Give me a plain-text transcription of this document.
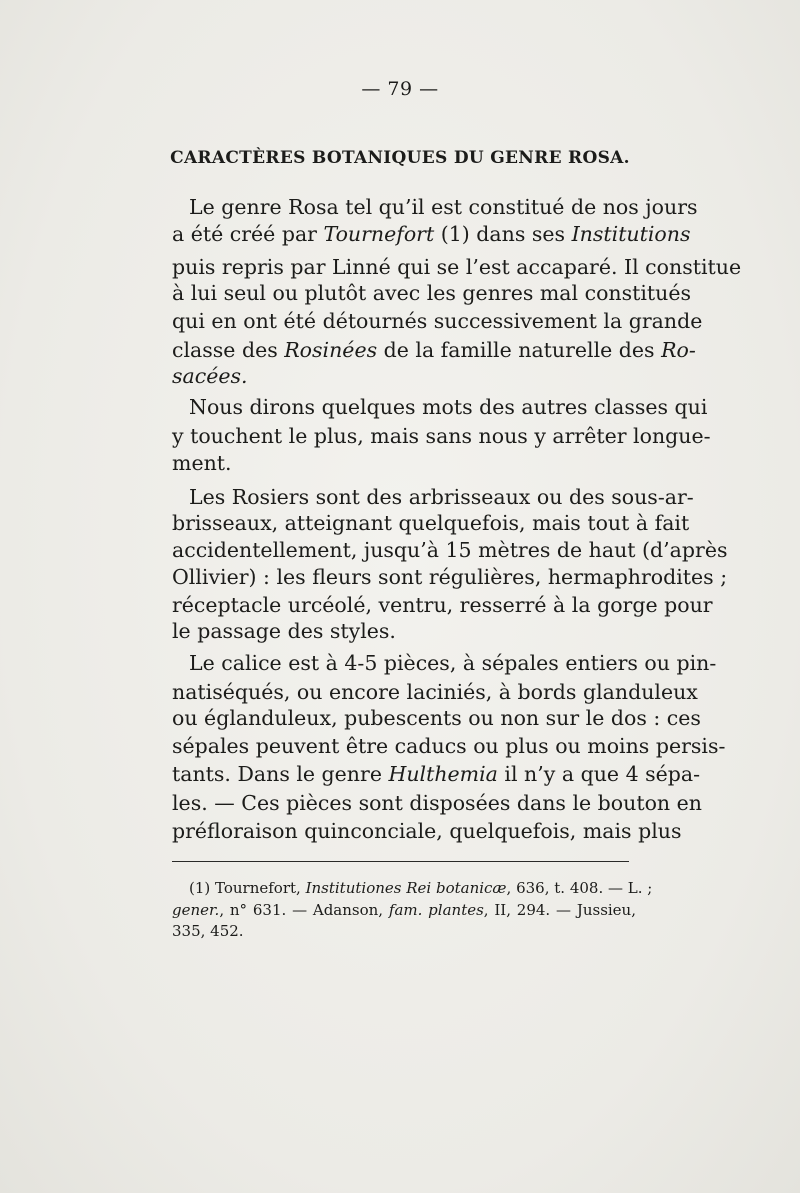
— 79 —
CARACTÈRES BOTANIQUES DU GENRE ROSA.
Le genre Rosa tel qu’il est constitué de nos jours
a été créé par Tournefort (1) dans ses Institutions
puis repris par Linné qui se l’est accaparé. Il constitue
à lui seul ou plutôt avec les genres mal constitués
qui en ont été détournés successivement la grande
classe des Rosinées de la famille naturelle des Ro-
sacées.
Nous dirons quelques mots des autres classes qui
y touchent le plus, mais sans nous y arrêter longue-
ment.
Les Rosiers sont des arbrisseaux ou des sous-ar-
brisseaux, atteignant quelquefois, mais tout à fait
accidentellement, jusqu’à 15 mètres de haut (d’après
Ollivier) : les fleurs sont régulières, hermaphrodites ;
réceptacle urcéolé, ventru, resserré à la gorge pour
le passage des styles.
Le calice est à 4-5 pièces, à sépales entiers ou pin-
natiséqués, ou encore laciniés, à bords glanduleux
ou églanduleux, pubescents ou non sur le dos : ces
sépales peuvent être caducs ou plus ou moins persis-
tants. Dans le genre Hulthemia il n’y a que 4 sépa-
les. — Ces pièces sont disposées dans le bouton en
préfloraison quinconciale, quelquefois, mais plus
(1) Tournefort, Institutiones Rei botanicæ, 636, t. 408. — L. ;
gener., n° 631. — Adanson, fam. plantes, II, 294. — Jussieu,
335, 452.
